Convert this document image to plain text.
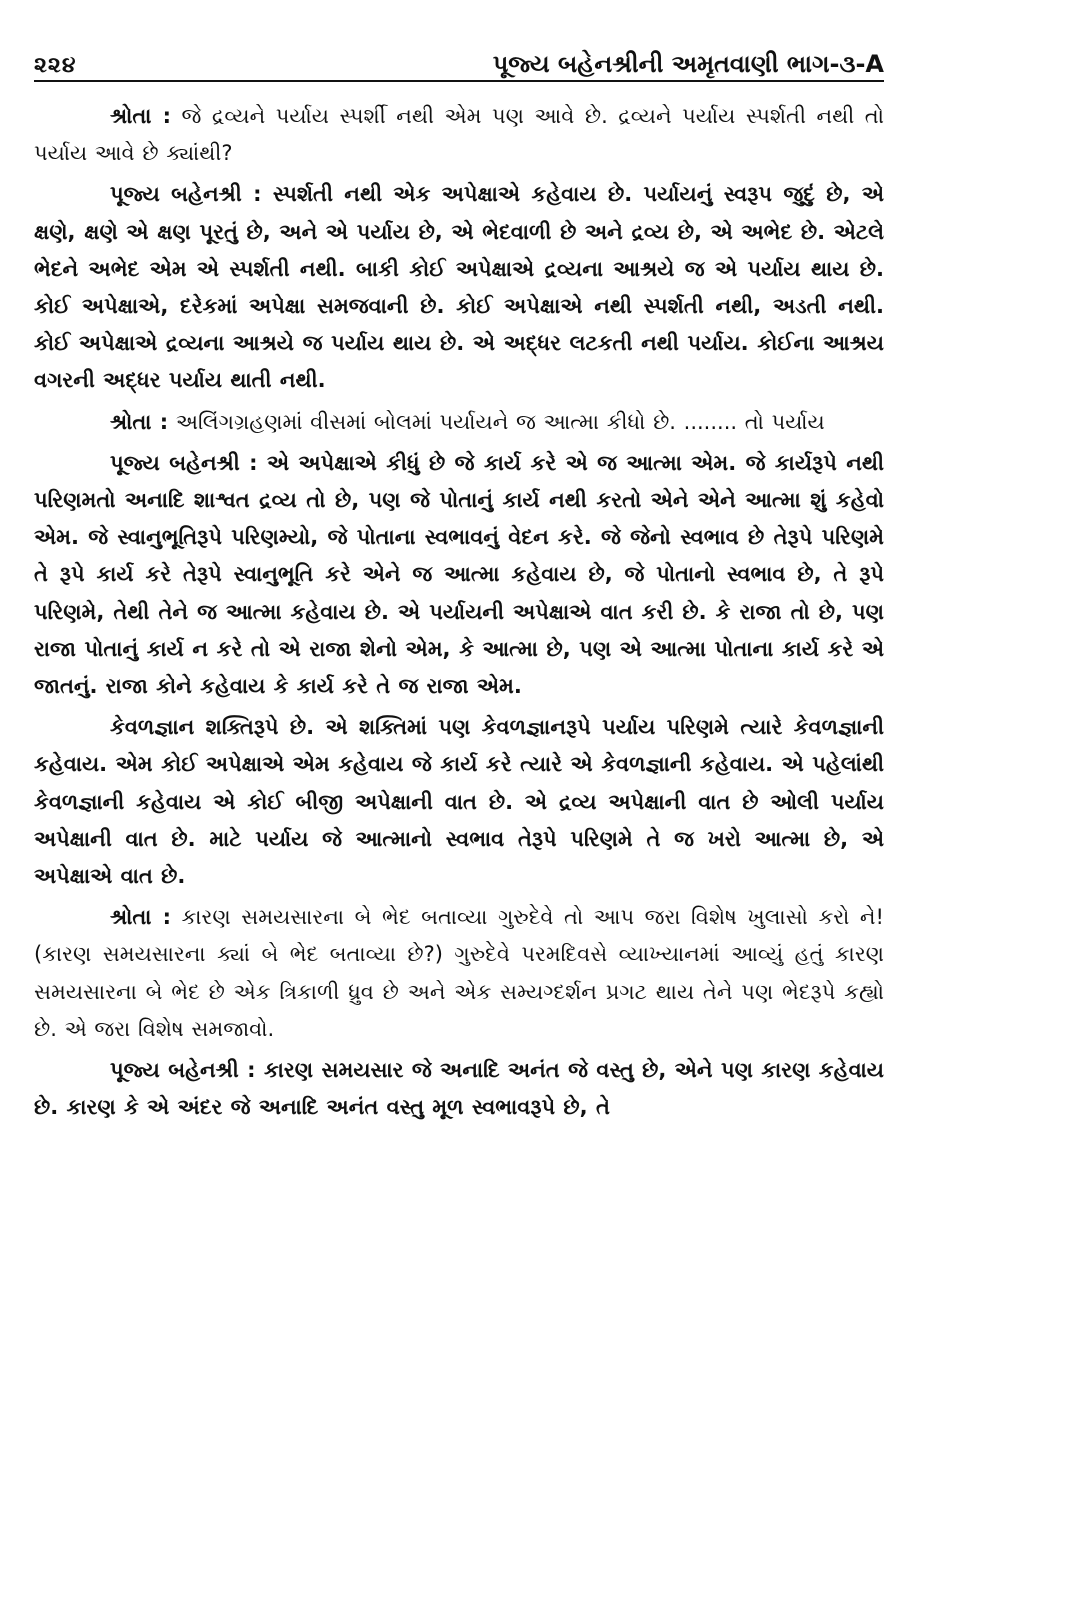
૨૨૪	પૂજ્ય બહેનશ્રીની અમૃતવાણી ભાગ-૩-A

શ્રોતા : જે દ્રવ્યને પર્યાય સ્પર્શી નથી એમ પણ આવે છે. દ્રવ્યને પર્યાય સ્પર્શતી નથી તો પર્યાય આવે છે ક્યાંથી?

પૂજ્ય બહેનશ્રી : સ્પર્શતી નથી એક અપેક્ષાએ કહેવાય છે. પર્યાયનું સ્વરૂપ જુદું છે, એ ક્ષણે, ક્ષણે એ ક્ષણ પૂરતું છે, અને એ પર્યાય છે, એ ભેદવાળી છે અને દ્રવ્ય છે, એ અભેદ છે. એટલે ભેદને અભેદ એમ એ સ્પર્શતી નથી. બાકી કોઈ અપેક્ષાએ દ્રવ્યના આશ્રયે જ એ પર્યાય થાય છે. કોઈ અપેક્ષાએ, દરેકમાં અપેક્ષા સમજવાની છે. કોઈ અપેક્ષાએ નથી સ્પર્શતી નથી, અડતી નથી. કોઈ અપેક્ષાએ દ્રવ્યના આશ્રયે જ પર્યાય થાય છે. એ અદ્ધર લટકતી નથી પર્યાય. કોઈના આશ્રય વગરની અદ્ધર પર્યાય થાતી નથી.

શ્રોતા : અલિંગગ્રહણમાં વીસમાં બોલમાં પર્યાયને જ આત્મા કીધો છે. ........ તો પર્યાય

પૂજ્ય બહેનશ્રી : એ અપેક્ષાએ કીધું છે જે કાર્ય કરે એ જ આત્મા એમ. જે કાર્યરૂપે નથી પરિણમતો અનાદિ શાશ્વત દ્રવ્ય તો છે, પણ જે પોતાનું કાર્ય નથી કરતો એને એને આત્મા શું કહેવો એમ. જે સ્વાનુભૂતિરૂપે પરિણમ્યો, જે પોતાના સ્વભાવનું વેદન કરે. જે જેનો સ્વભાવ છે તેરૂપે પરિણમે તે રૂપે કાર્ય કરે તેરૂપે સ્વાનુભૂતિ કરે એને જ આત્મા કહેવાય છે, જે પોતાનો સ્વભાવ છે, તે રૂપે પરિણમે, તેથી તેને જ આત્મા કહેવાય છે. એ પર્યાયની અપેક્ષાએ વાત કરી છે. કે રાજા તો છે, પણ રાજા પોતાનું કાર્ય ન કરે તો એ રાજા શેનો એમ, કે આત્મા છે, પણ એ આત્મા પોતાના કાર્ય કરે એ જાતનું. રાજા કોને કહેવાય કે કાર્ય કરે તે જ રાજા એમ.

કેવળજ્ઞાન શક્તિરૂપે છે. એ શક્તિમાં પણ કેવળજ્ઞાનરૂપે પર્યાય પરિણમે ત્યારે કેવળજ્ઞાની કહેવાય. એમ કોઈ અપેક્ષાએ એમ કહેવાય જે કાર્ય કરે ત્યારે એ કેવળજ્ઞાની કહેવાય. એ પહેલાંથી કેવળજ્ઞાની કહેવાય એ કોઈ બીજી અપેક્ષાની વાત છે. એ દ્રવ્ય અપેક્ષાની વાત છે ઓલી પર્યાય અપેક્ષાની વાત છે. માટે પર્યાય જે આત્માનો સ્વભાવ તેરૂપે પરિણમે તે જ ખરો આત્મા છે, એ અપેક્ષાએ વાત છે.

શ્રોતા : કારણ સમયસારના બે ભેદ બતાવ્યા ગુરુદેવે તો આપ જરા વિશેષ ખુલાસો કરો ને! (કારણ સમયસારના ક્યાં બે ભેદ બતાવ્યા છે?) ગુરુદેવે પરમદિવસે વ્યાખ્યાનમાં આવ્યું હતું કારણ સમયસારના બે ભેદ છે એક ત્રિકાળી ધ્રુવ છે અને એક સમ્યગ્દર્શન પ્રગટ થાય તેને પણ ભેદરૂપે કહ્યો છે. એ જરા વિશેષ સમજાવો.

પૂજ્ય બહેનશ્રી : કારણ સમયસાર જે અનાદિ અનંત જે વસ્તુ છે, એને પણ કારણ કહેવાય છે. કારણ કે એ અંદર જે અનાદિ અનંત વસ્તુ મૂળ સ્વભાવરૂપે છે, તે
